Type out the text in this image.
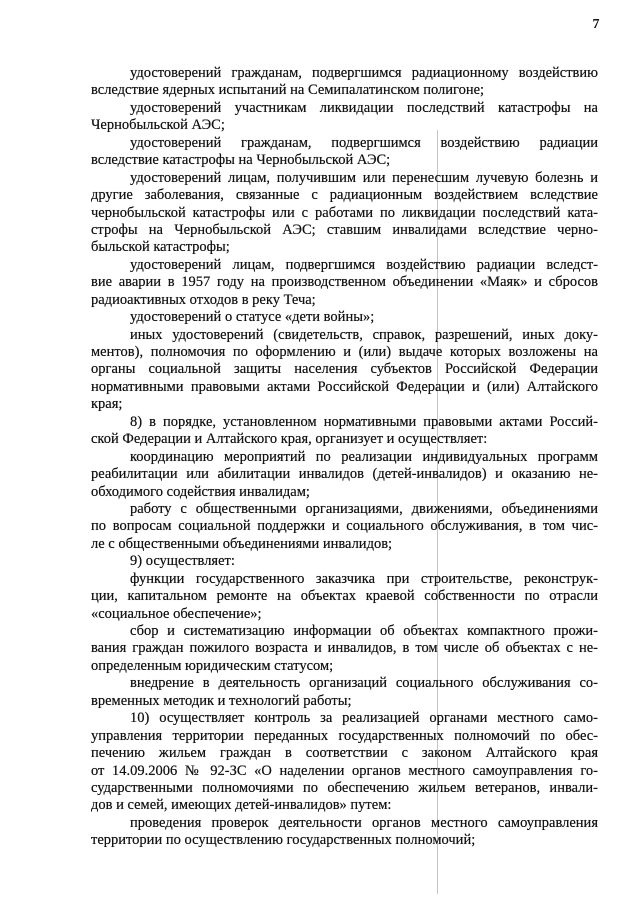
7
удостоверений гражданам, подвергшимся радиационному воздействию
вследствие ядерных испытаний на Семипалатинском полигоне;
удостоверений участникам ликвидации последствий катастрофы на
Чернобыльской АЭС;
удостоверений гражданам, подвергшимся воздействию радиации
вследствие катастрофы на Чернобыльской АЭС;
удостоверений лицам, получившим или перенесшим лучевую болезнь и
другие заболевания, связанные с радиационным воздействием вследствие
чернобыльской катастрофы или с работами по ликвидации последствий ката-
строфы на Чернобыльской АЭС; ставшим инвалидами вследствие черно-
быльской катастрофы;
удостоверений лицам, подвергшимся воздействию радиации вследст-
вие аварии в 1957 году на производственном объединении «Маяк» и сбросов
радиоактивных отходов в реку Теча;
удостоверений о статусе «дети войны»;
иных удостоверений (свидетельств, справок, разрешений, иных доку-
ментов), полномочия по оформлению и (или) выдаче которых возложены на
органы социальной защиты населения субъектов Российской Федерации
нормативными правовыми актами Российской Федерации и (или) Алтайского
края;
8) в порядке, установленном нормативными правовыми актами Россий-
ской Федерации и Алтайского края, организует и осуществляет:
координацию мероприятий по реализации индивидуальных программ
реабилитации или абилитации инвалидов (детей-инвалидов) и оказанию не-
обходимого содействия инвалидам;
работу с общественными организациями, движениями, объединениями
по вопросам социальной поддержки и социального обслуживания, в том чис-
ле с общественными объединениями инвалидов;
9) осуществляет:
функции государственного заказчика при строительстве, реконструк-
ции, капитальном ремонте на объектах краевой собственности по отрасли
«социальное обеспечение»;
сбор и систематизацию информации об объектах компактного прожи-
вания граждан пожилого возраста и инвалидов, в том числе об объектах с не-
определенным юридическим статусом;
внедрение в деятельность организаций социального обслуживания со-
временных методик и технологий работы;
10) осуществляет контроль за реализацией органами местного само-
управления территории переданных государственных полномочий по обес-
печению жильем граждан в соответствии с законом Алтайского края
от 14.09.2006 № 92-ЗС «О наделении органов местного самоуправления го-
сударственными полномочиями по обеспечению жильем ветеранов, инвали-
дов и семей, имеющих детей-инвалидов» путем:
проведения проверок деятельности органов местного самоуправления
территории по осуществлению государственных полномочий;
